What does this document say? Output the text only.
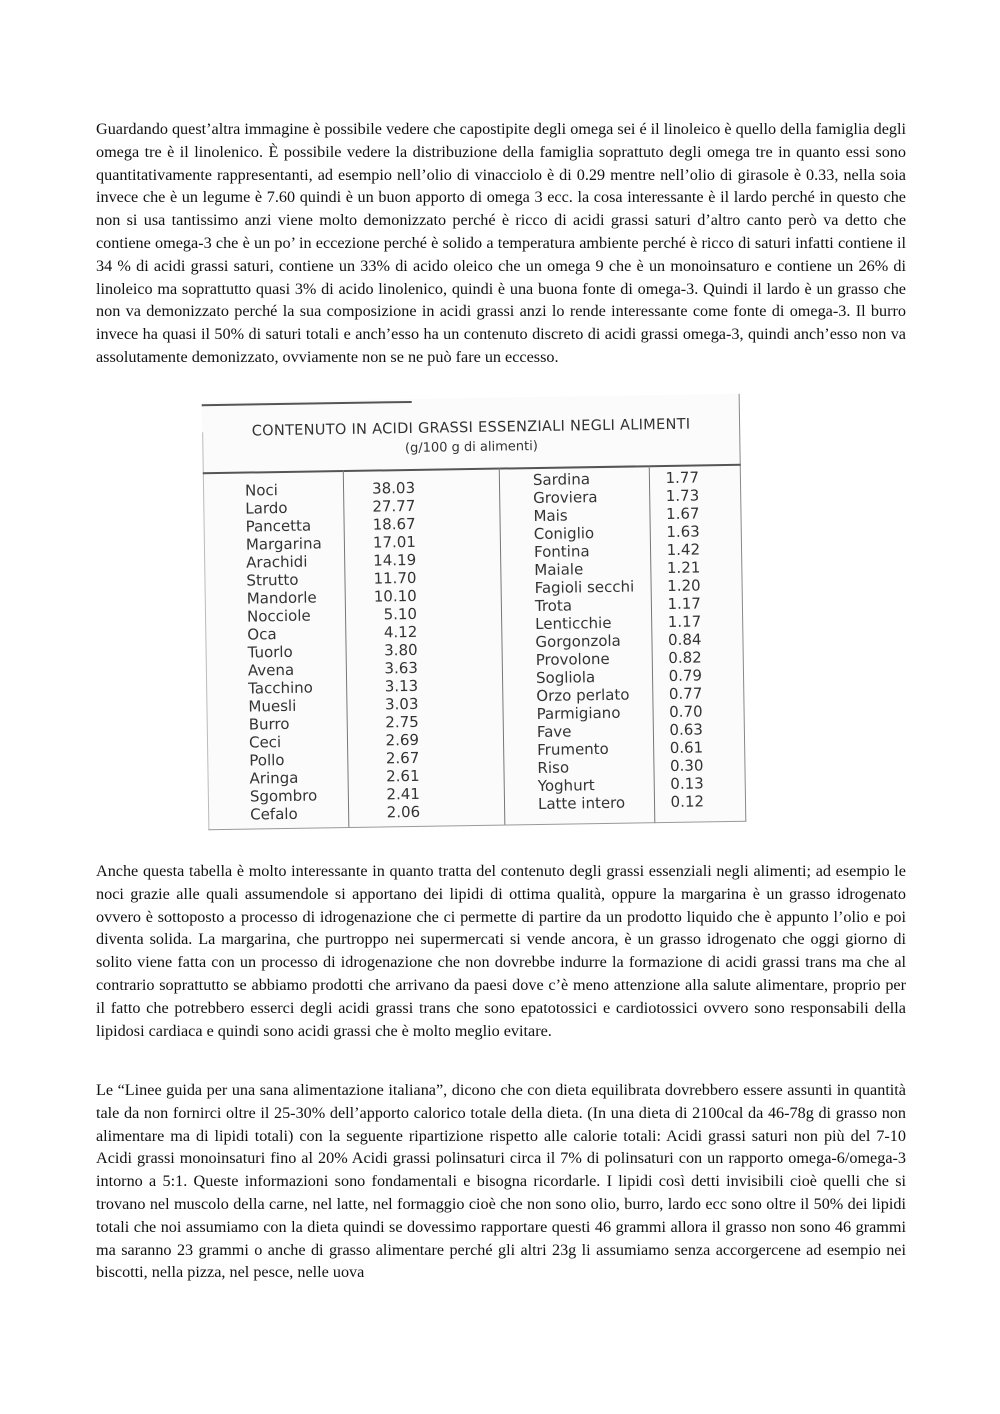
Guardando quest’altra immagine è possibile vedere che capostipite degli omega sei é il linoleico è quello della famiglia degli omega tre è il linolenico. È possibile vedere la distribuzione della famiglia soprattuto degli omega tre in quanto essi sono quantitativamente rappresentanti, ad esempio nell’olio di vinacciolo è di 0.29 mentre nell’olio di girasole è 0.33, nella soia invece che è un legume è 7.60 quindi è un buon apporto di omega 3 ecc. la cosa interessante è il lardo perché in questo che non si usa tantissimo anzi viene molto demonizzato perché è ricco di acidi grassi saturi d’altro canto però va detto che contiene omega-3 che è un po’ in eccezione perché è solido a temperatura ambiente perché è ricco di saturi infatti contiene il 34 % di acidi grassi saturi, contiene un 33% di acido oleico che un omega 9 che è un monoinsaturo e contiene un 26% di linoleico ma soprattutto quasi 3% di acido linolenico, quindi è una buona fonte di omega-3. Quindi il lardo è un grasso che non va demonizzato perché la sua composizione in acidi grassi anzi lo rende interessante come fonte di omega-3. Il burro invece ha quasi il 50% di saturi totali e anch’esso ha un contenuto discreto di acidi grassi omega-3, quindi anch’esso non va assolutamente demonizzato, ovviamente non se ne può fare un eccesso.

CONTENUTO IN ACIDI GRASSI ESSENZIALI NEGLI ALIMENTI
(g/100 g di alimenti)
Noci
Lardo
Pancetta
Margarina
Arachidi
Strutto
Mandorle
Nocciole
Oca
Tuorlo
Avena
Tacchino
Muesli
Burro
Ceci
Pollo
Aringa
Sgombro
Cefalo
38.03
27.77
18.67
17.01
14.19
11.70
10.10
5.10
4.12
3.80
3.63
3.13
3.03
2.75
2.69
2.67
2.61
2.41
2.06
Sardina
Groviera
Mais
Coniglio
Fontina
Maiale
Fagioli secchi
Trota
Lenticchie
Gorgonzola
Provolone
Sogliola
Orzo perlato
Parmigiano
Fave
Frumento
Riso
Yoghurt
Latte intero
1.77
1.73
1.67
1.63
1.42
1.21
1.20
1.17
1.17
0.84
0.82
0.79
0.77
0.70
0.63
0.61
0.30
0.13
0.12

Anche questa tabella è molto interessante in quanto tratta del contenuto degli grassi essenziali negli alimenti; ad esempio le noci grazie alle quali assumendole si apportano dei lipidi di ottima qualità, oppure la margarina è un grasso idrogenato ovvero è sottoposto a processo di idrogenazione che ci permette di partire da un prodotto liquido che è appunto l’olio e poi diventa solida. La margarina, che purtroppo nei supermercati si vende ancora, è un grasso idrogenato che oggi giorno di solito viene fatta con un processo di idrogenazione che non dovrebbe indurre la formazione di acidi grassi trans ma che al contrario soprattutto se abbiamo prodotti che arrivano da paesi dove c’è meno attenzione alla salute alimentare, proprio per il fatto che potrebbero esserci degli acidi grassi trans che sono epatotossici e cardiotossici ovvero sono responsabili della lipidosi cardiaca e quindi sono acidi grassi che è molto meglio evitare.

Le “Linee guida per una sana alimentazione italiana”, dicono che con dieta equilibrata dovrebbero essere assunti in quantità tale da non fornirci oltre il 25-30% dell’apporto calorico totale della dieta. (In una dieta di 2100cal da 46-78g di grasso non alimentare ma di lipidi totali) con la seguente ripartizione rispetto alle calorie totali: Acidi grassi saturi non più del 7-10 Acidi grassi monoinsaturi fino al 20% Acidi grassi polinsaturi circa il 7% di polinsaturi con un rapporto omega-6/omega-3 intorno a 5:1. Queste informazioni sono fondamentali e bisogna ricordarle. I lipidi così detti invisibili cioè quelli che si trovano nel muscolo della carne, nel latte, nel formaggio cioè che non sono olio, burro, lardo ecc sono oltre il 50% dei lipidi totali che noi assumiamo con la dieta quindi se dovessimo rapportare questi 46 grammi allora il grasso non sono 46 grammi ma saranno 23 grammi o anche di grasso alimentare perché gli altri 23g li assumiamo senza accorgercene ad esempio nei biscotti, nella pizza, nel pesce, nelle uova
